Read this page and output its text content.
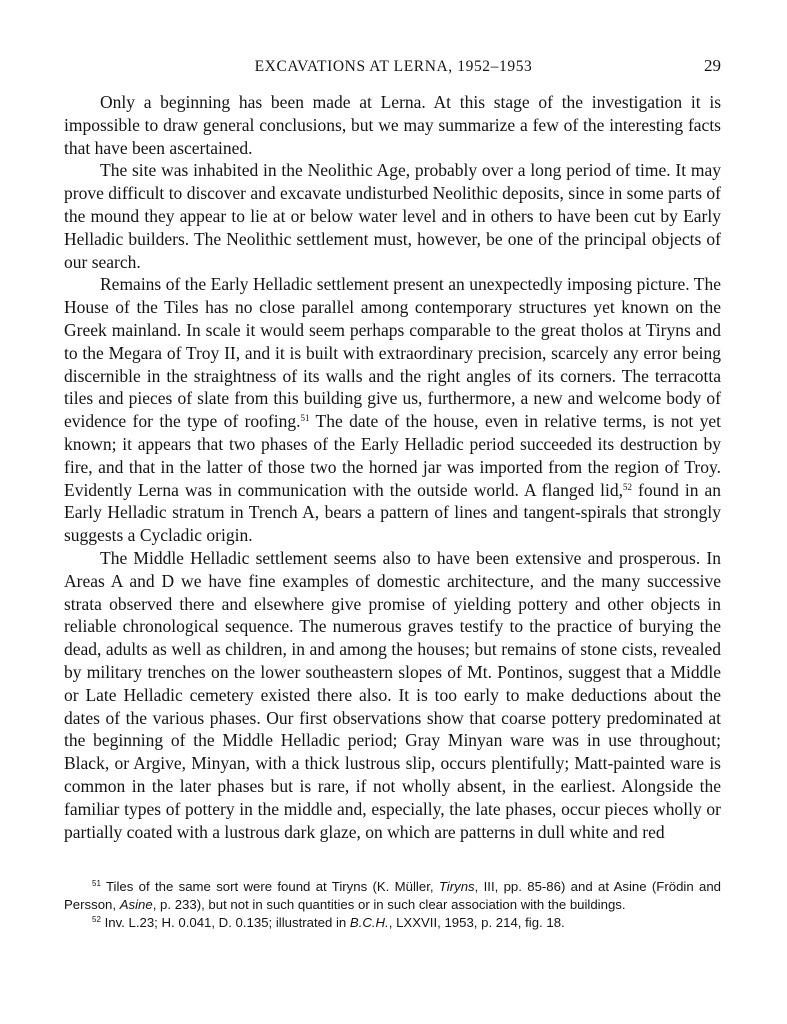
EXCAVATIONS AT LERNA, 1952–1953	29

Only a beginning has been made at Lerna. At this stage of the investigation it is impossible to draw general conclusions, but we may summarize a few of the interesting facts that have been ascertained.

The site was inhabited in the Neolithic Age, probably over a long period of time. It may prove difficult to discover and excavate undisturbed Neolithic deposits, since in some parts of the mound they appear to lie at or below water level and in others to have been cut by Early Helladic builders. The Neolithic settlement must, however, be one of the principal objects of our search.

Remains of the Early Helladic settlement present an unexpectedly imposing picture. The House of the Tiles has no close parallel among contemporary structures yet known on the Greek mainland. In scale it would seem perhaps comparable to the great tholos at Tiryns and to the Megara of Troy II, and it is built with extraordinary precision, scarcely any error being discernible in the straightness of its walls and the right angles of its corners. The terracotta tiles and pieces of slate from this building give us, furthermore, a new and welcome body of evidence for the type of roofing.$^{51}$ The date of the house, even in relative terms, is not yet known; it appears that two phases of the Early Helladic period succeeded its destruction by fire, and that in the latter of those two the horned jar was imported from the region of Troy. Evidently Lerna was in communication with the outside world. A flanged lid,$^{52}$ found in an Early Helladic stratum in Trench A, bears a pattern of lines and tangent-spirals that strongly suggests a Cycladic origin.

The Middle Helladic settlement seems also to have been extensive and prosperous. In Areas A and D we have fine examples of domestic architecture, and the many successive strata observed there and elsewhere give promise of yielding pottery and other objects in reliable chronological sequence. The numerous graves testify to the practice of burying the dead, adults as well as children, in and among the houses; but remains of stone cists, revealed by military trenches on the lower southeastern slopes of Mt. Pontinos, suggest that a Middle or Late Helladic cemetery existed there also. It is too early to make deductions about the dates of the various phases. Our first observations show that coarse pottery predominated at the beginning of the Middle Helladic period; Gray Minyan ware was in use throughout; Black, or Argive, Minyan, with a thick lustrous slip, occurs plentifully; Matt-painted ware is common in the later phases but is rare, if not wholly absent, in the earliest. Alongside the familiar types of pottery in the middle and, especially, the late phases, occur pieces wholly or partially coated with a lustrous dark glaze, on which are patterns in dull white and red

$^{51}$ Tiles of the same sort were found at Tiryns (K. Müller, Tiryns, III, pp. 85-86) and at Asine (Frödin and Persson, Asine, p. 233), but not in such quantities or in such clear association with the buildings.

$^{52}$ Inv. L.23; H. 0.041, D. 0.135; illustrated in B.C.H., LXXVII, 1953, p. 214, fig. 18.
